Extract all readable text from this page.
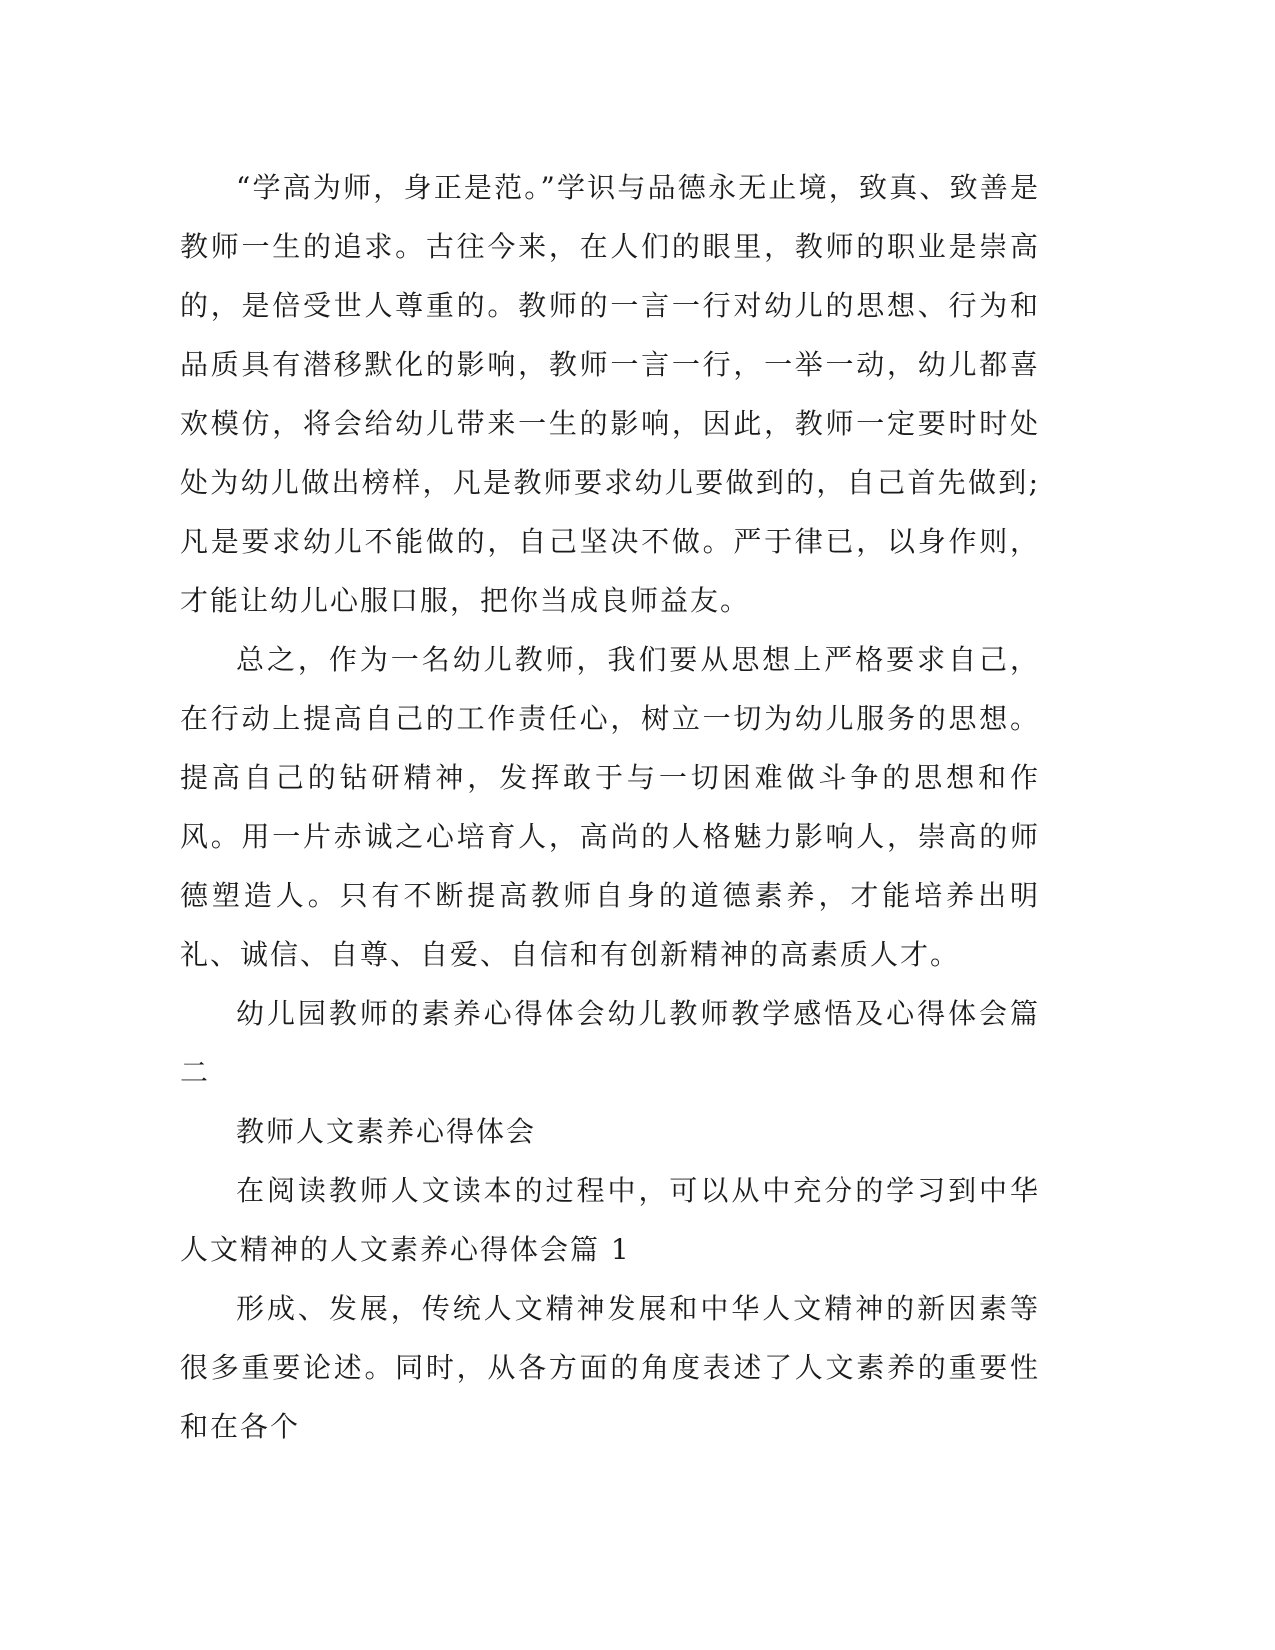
“学高为师，身正是范。”学识与品德永无止境，致真、致善是教师一生的追求。古往今来，在人们的眼里，教师的职业是崇高的，是倍受世人尊重的。教师的一言一行对幼儿的思想、行为和品质具有潜移默化的影响，教师一言一行，一举一动，幼儿都喜欢模仿，将会给幼儿带来一生的影响，因此，教师一定要时时处处为幼儿做出榜样，凡是教师要求幼儿要做到的，自己首先做到;凡是要求幼儿不能做的，自己坚决不做。严于律已，以身作则，才能让幼儿心服口服，把你当成良师益友。

总之，作为一名幼儿教师，我们要从思想上严格要求自己，在行动上提高自己的工作责任心，树立一切为幼儿服务的思想。提高自己的钻研精神，发挥敢于与一切困难做斗争的思想和作风。用一片赤诚之心培育人，高尚的人格魅力影响人，崇高的师德塑造人。只有不断提高教师自身的道德素养，才能培养出明礼、诚信、自尊、自爱、自信和有创新精神的高素质人才。

幼儿园教师的素养心得体会幼儿教师教学感悟及心得体会篇二

教师人文素养心得体会

在阅读教师人文读本的过程中，可以从中充分的学习到中华人文精神的人文素养心得体会篇 1

形成、发展，传统人文精神发展和中华人文精神的新因素等很多重要论述。同时，从各方面的角度表述了人文素养的重要性和在各个
